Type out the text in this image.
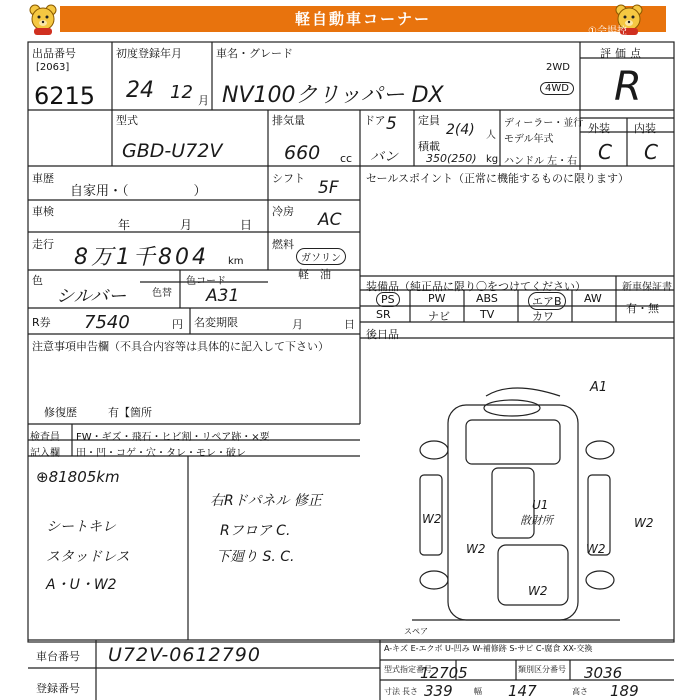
軽自動車コーナー
出品番号
[2063]
6215
初度登録年月
24 12 月
車名・グレード
NV100クリッパー DX
2WD
4WD
①会場控
評価点
R
型式
GBD-U72V
排気量
660 cc
ドア 5
バン
定員
2(4) 人
積載
350(250) kg
ディーラー・並行
モデル年式
ハンドル 左・右
外装 内装
C C
車歴
自家用・（　　　　　）
シフト 5F
車検
年	月	日
冷房 AC
走行
8万1千804 km
燃料
ガソリン
軽　油
色
シルバー	色替
色コード
A31
R券 7540	円 名変期限	月	日
注意事項申告欄（不具合内容等は具体的に記入して下さい）
修復歴	有【箇所
検査員
記入欄
FW・ギズ・飛石・ヒビ割・リペア跡・×要
田・凹・コゲ・穴・タレ・モレ・破レ
⊕81805km
シートキレ
スタッドレス
A・U・W2
右Rドパネル 修正
Rフロア C.
下廻り S. C.
セールスポイント（正常に機能するものに限ります）
装備品（純正品に限り〇をつけてください）	新車保証書
有・無
PS	PW	ABS	エアB	AW
SR	ナビ	TV	カワ
後日品
A1
U1
散財所
W2	W2
W2	W2
W2
スペア
A-キズ E-エクボ U-凹み W-補修跡 S-サビ C-腐食 XX-交換
型式指定番号
12705	類別区分番号 3036
車台番号 U72V-0612790
登録番号	寸法 長さ 339	幅 147	高さ 189
